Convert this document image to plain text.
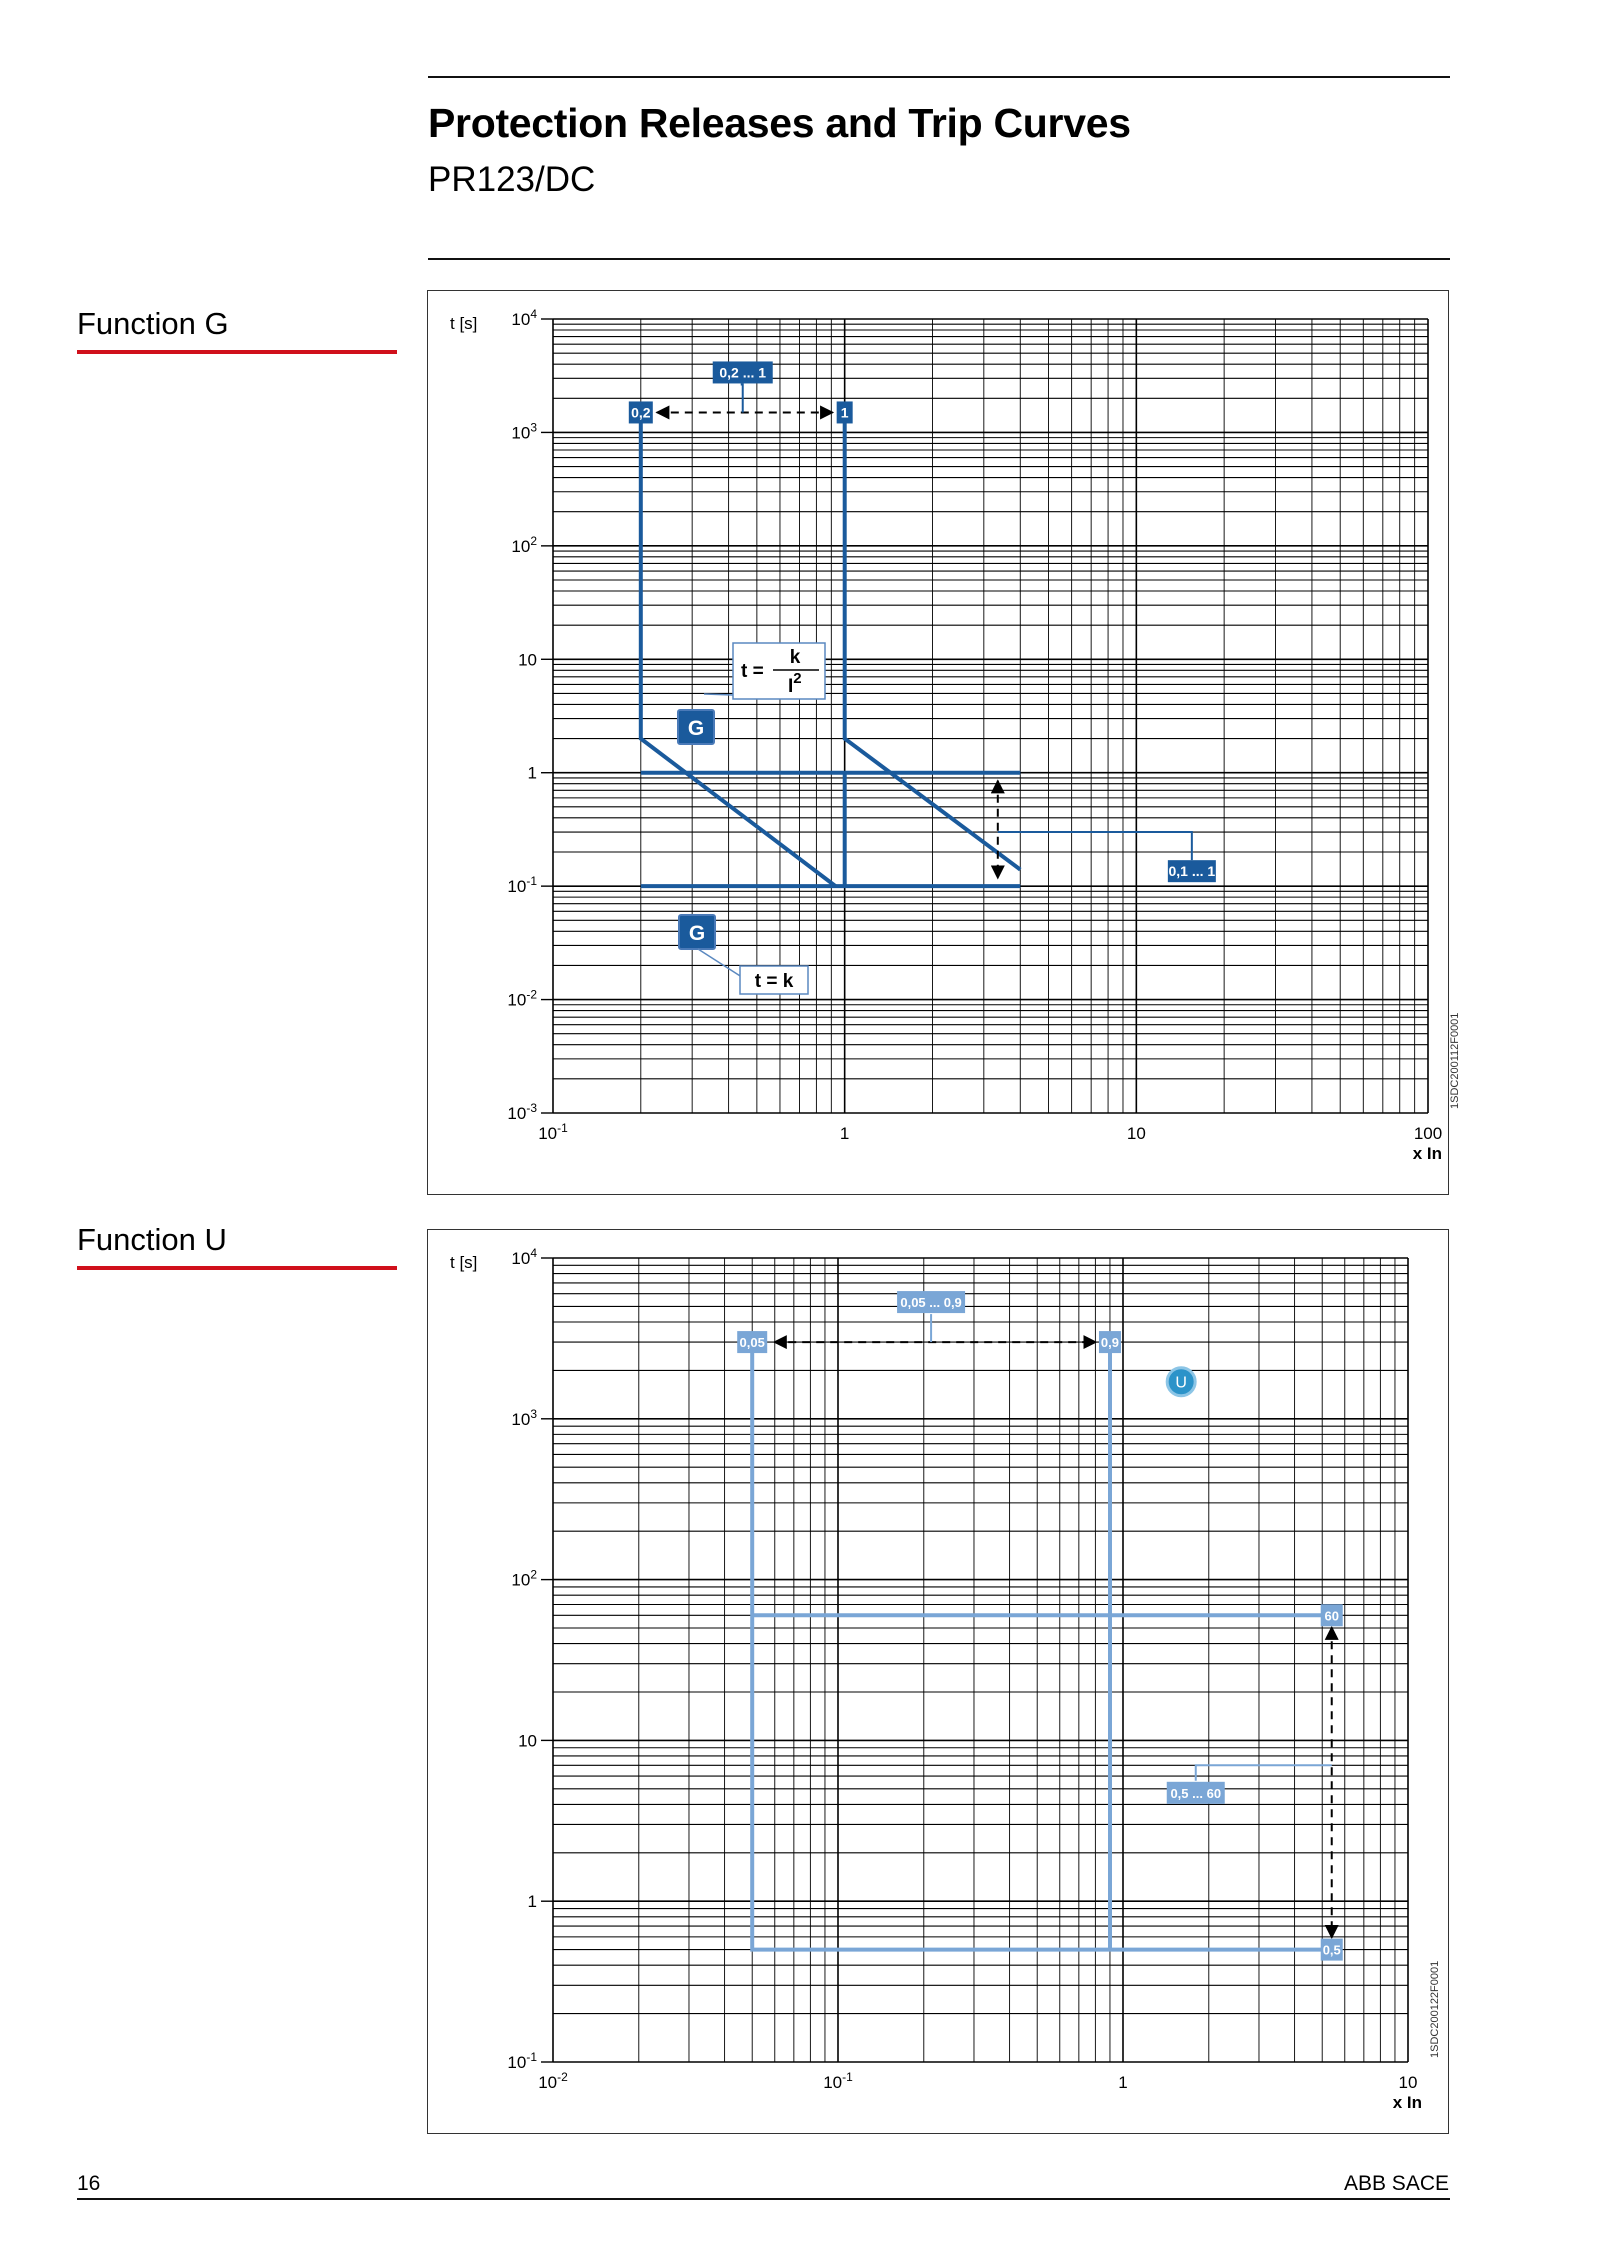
Protection Releases and Trip Curves
PR123/DC
Function G	$10^4$
$10^3$
$10^2$
10
1
$10^{-1}$
$10^{-2}$
$10^{-3}$
$10^{-1}$	1	10	100
t [s]
x In
0,2	1
0,2 ... 1
t =
k
$I^2$
G
G
t = k
0,1 ... 1
1SDC200112F0001
Function U
$10^4$
$10^3$
$10^2$
10
1
$10^{-1}$
$10^{-2}$	$10^{-1}$	1	10
t [s]
x In
0,05	0,9
0,05 ... 0,9
U
60
0,5
0,5 ... 60
1SDC200122F0001
16	ABB SACE
